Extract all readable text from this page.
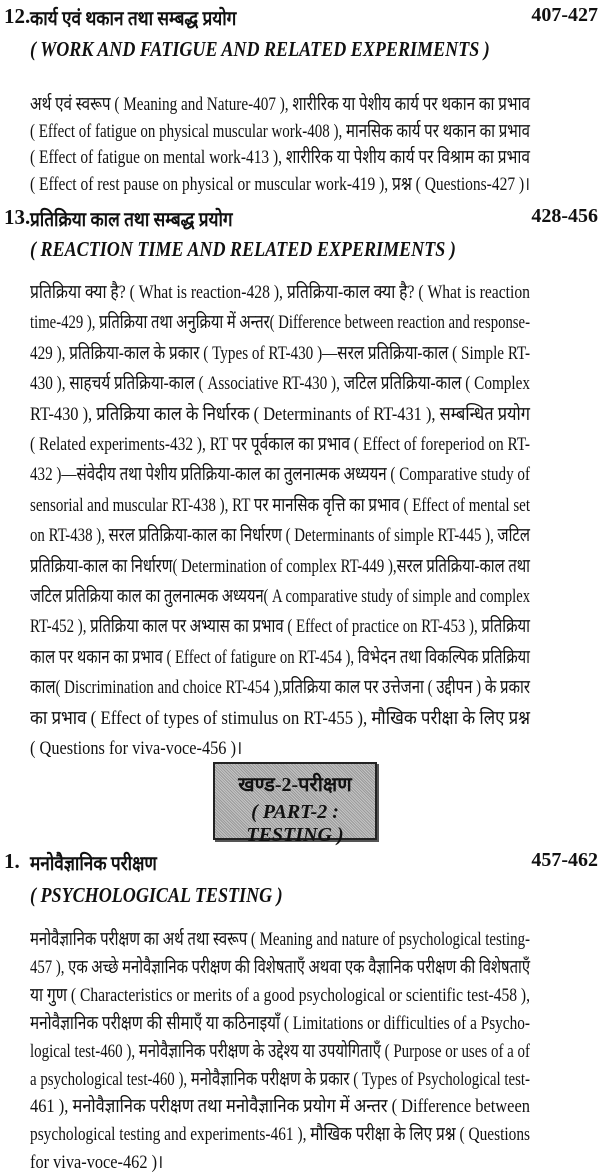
12. कार्य एवं थकान तथा सम्बद्ध प्रयोग	407-427
( WORK AND FATIGUE AND RELATED EXPERIMENTS )
अर्थ एवं स्वरूप ( Meaning and Nature-407 ), शारीरिक या पेशीय कार्य पर थकान का प्रभाव
( Effect of fatigue on physical muscular work-408 ), मानसिक कार्य पर थकान का प्रभाव
( Effect of fatigue on mental work-413 ), शारीरिक या पेशीय कार्य पर विश्राम का प्रभाव
( Effect of rest pause on physical or muscular work-419 ), प्रश्न ( Questions-427 )।
13. प्रतिक्रिया काल तथा सम्बद्ध प्रयोग	428-456
( REACTION TIME AND RELATED EXPERIMENTS )
प्रतिक्रिया क्या है? ( What is reaction-428 ), प्रतिक्रिया-काल क्या है? ( What is reaction
time-429 ), प्रतिक्रिया तथा अनुक्रिया में अन्तर( Difference between reaction and response-
429 ), प्रतिक्रिया-काल के प्रकार ( Types of RT-430 )—सरल प्रतिक्रिया-काल ( Simple RT-
430 ), साहचर्य प्रतिक्रिया-काल ( Associative RT-430 ), जटिल प्रतिक्रिया-काल ( Complex
RT-430 ), प्रतिक्रिया काल के निर्धारक ( Determinants of RT-431 ), सम्बन्धित प्रयोग
( Related experiments-432 ), RT पर पूर्वकाल का प्रभाव ( Effect of foreperiod on RT-
432 )—संवेदीय तथा पेशीय प्रतिक्रिया-काल का तुलनात्मक अध्ययन ( Comparative study of
sensorial and muscular RT-438 ), RT पर मानसिक वृत्ति का प्रभाव ( Effect of mental set
on RT-438 ), सरल प्रतिक्रिया-काल का निर्धारण ( Determinants of simple RT-445 ), जटिल
प्रतिक्रिया-काल का निर्धारण( Determination of complex RT-449 ),सरल प्रतिक्रिया-काल तथा
जटिल प्रतिक्रिया काल का तुलनात्मक अध्ययन( A comparative study of simple and complex
RT-452 ), प्रतिक्रिया काल पर अभ्यास का प्रभाव ( Effect of practice on RT-453 ), प्रतिक्रिया
काल पर थकान का प्रभाव ( Effect of fatigure on RT-454 ), विभेदन तथा विकल्पिक प्रतिक्रिया
काल( Discrimination and choice RT-454 ),प्रतिक्रिया काल पर उत्तेजना ( उद्दीपन ) के प्रकार
का प्रभाव ( Effect of types of stimulus on RT-455 ), मौखिक परीक्षा के लिए प्रश्न
( Questions for viva-voce-456 )।
खण्ड-2-परीक्षण
( PART-2 : TESTING )
1. मनोवैज्ञानिक परीक्षण	457-462
( PSYCHOLOGICAL TESTING )
मनोवैज्ञानिक परीक्षण का अर्थ तथा स्वरूप ( Meaning and nature of psychological testing-
457 ), एक अच्छे मनोवैज्ञानिक परीक्षण की विशेषताएँ अथवा एक वैज्ञानिक परीक्षण की विशेषताएँ
या गुण ( Characteristics or merits of a good psychological or scientific test-458 ),
मनोवैज्ञानिक परीक्षण की सीमाएँ या कठिनाइयाँ ( Limitations or difficulties of a Psycho-
logical test-460 ), मनोवैज्ञानिक परीक्षण के उद्देश्य या उपयोगिताएँ ( Purpose or uses of a of
a psychological test-460 ), मनोवैज्ञानिक परीक्षण के प्रकार ( Types of Psychological test-
461 ), मनोवैज्ञानिक परीक्षण तथा मनोवैज्ञानिक प्रयोग में अन्तर ( Difference between
psychological testing and experiments-461 ), मौखिक परीक्षा के लिए प्रश्न ( Questions
for viva-voce-462 )।
